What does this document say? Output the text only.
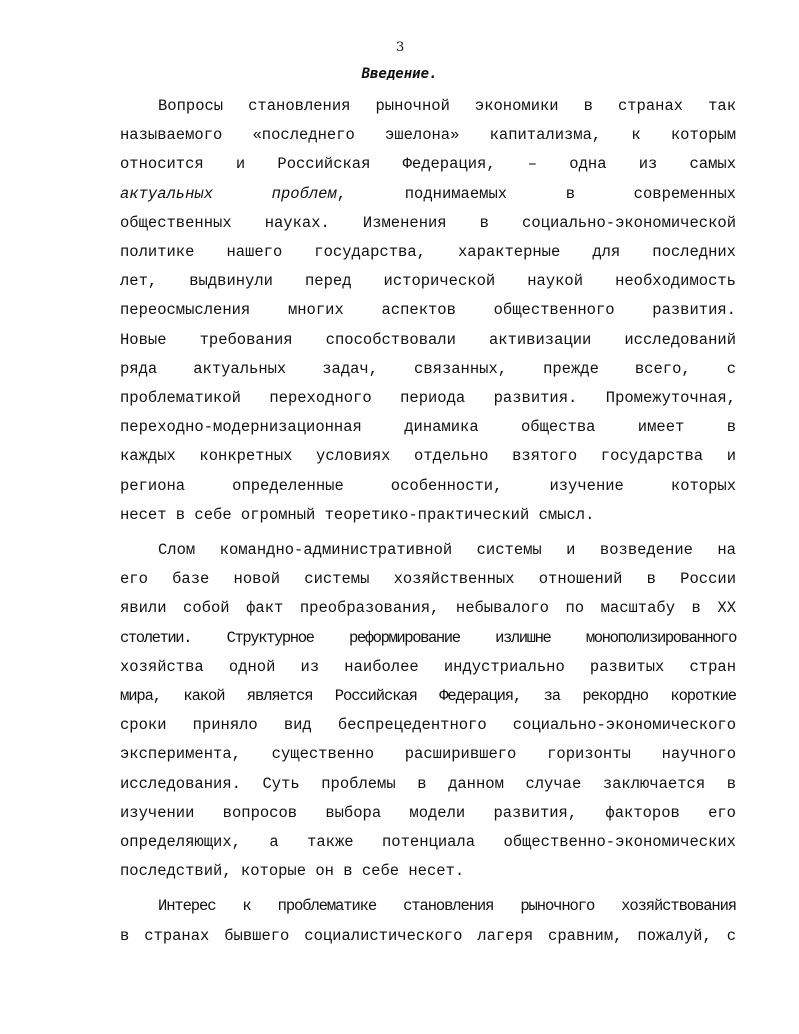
3
Введение.

Вопросы становления рыночной экономики в странах так
называемого «последнего эшелона» капитализма, к которым
относится и Российская Федерация, – одна из самых
актуальных проблем, поднимаемых в современных
общественных науках. Изменения в социально-экономической
политике нашего государства, характерные для последних
лет, выдвинули перед исторической наукой необходимость
переосмысления многих аспектов общественного развития.
Новые требования способствовали активизации исследований
ряда актуальных задач, связанных, прежде всего, с
проблематикой переходного периода развития. Промежуточная,
переходно-модернизационная динамика общества имеет в
каждых конкретных условиях отдельно взятого государства и
региона определенные особенности, изучение которых
несет в себе огромный теоретико-практический смысл.

Слом командно-административной системы и возведение на
его базе новой системы хозяйственных отношений в России
явили собой факт преобразования, небывалого по масштабу в XX
столетии. Структурное реформирование излишне монополизированного
хозяйства одной из наиболее индустриально развитых стран
мира, какой является Российская Федерация, за рекордно короткие
сроки приняло вид беспрецедентного социально-экономического
эксперимента, существенно расширившего горизонты научного
исследования. Суть проблемы в данном случае заключается в
изучении вопросов выбора модели развития, факторов его
определяющих, а также потенциала общественно-экономических
последствий, которые он в себе несет.

Интерес к проблематике становления рыночного хозяйствования
в странах бывшего социалистического лагеря сравним, пожалуй, с
